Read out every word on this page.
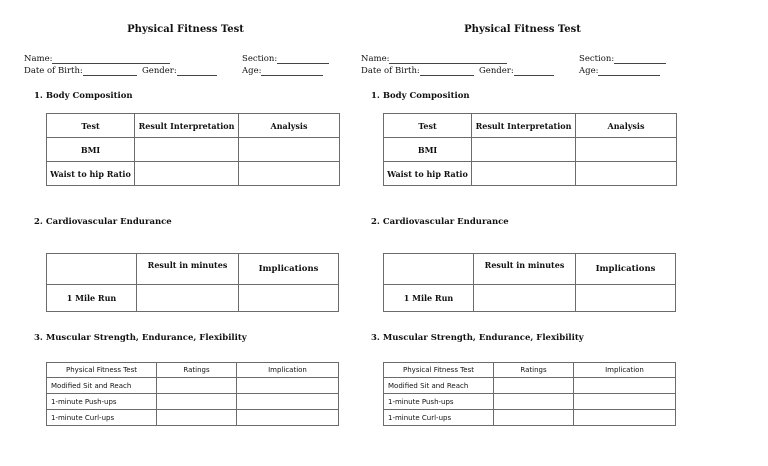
Physical Fitness Test
Name:	Section:
Date of Birth:	Gender:	Age:
1. Body Composition
Test	Result Interpretation	Analysis
BMI		
Waist to hip Ratio		
2. Cardiovascular Endurance
	Result in minutes	Implications
1 Mile Run		
3. Muscular Strength, Endurance, Flexibility
Physical Fitness Test	Ratings	Implication
Modified Sit and Reach		
1-minute Push-ups		
1-minute Curl-ups		
Physical Fitness Test
Name:	Section:
Date of Birth:	Gender:	Age:
1. Body Composition
Test	Result Interpretation	Analysis
BMI		
Waist to hip Ratio		
2. Cardiovascular Endurance
	Result in minutes	Implications
1 Mile Run		
3. Muscular Strength, Endurance, Flexibility
Physical Fitness Test	Ratings	Implication
Modified Sit and Reach		
1-minute Push-ups		
1-minute Curl-ups		
